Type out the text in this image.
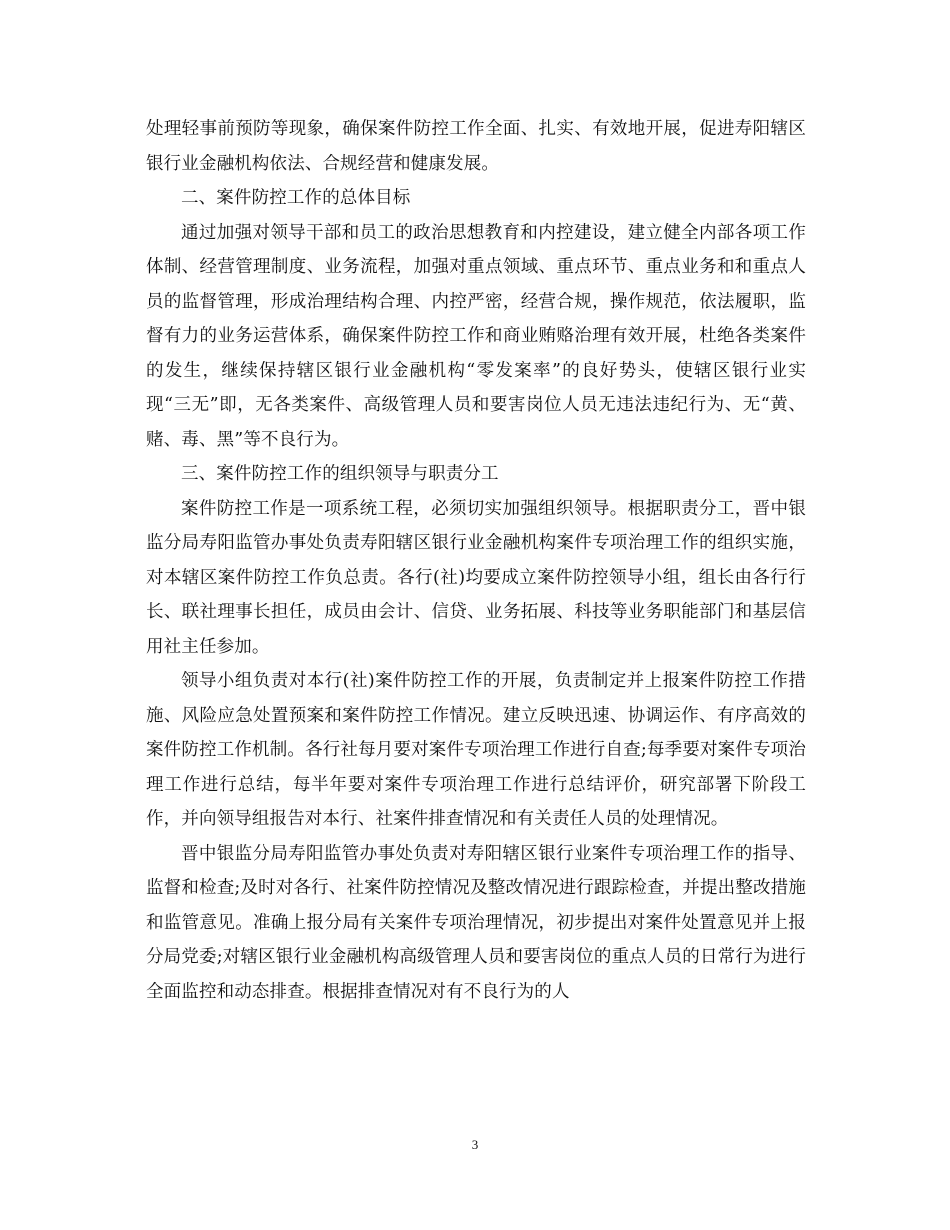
处理轻事前预防等现象，确保案件防控工作全面、扎实、有效地开展，促进寿阳辖区银行业金融机构依法、合规经营和健康发展。

二、案件防控工作的总体目标

通过加强对领导干部和员工的政治思想教育和内控建设，建立健全内部各项工作体制、经营管理制度、业务流程，加强对重点领域、重点环节、重点业务和和重点人员的监督管理，形成治理结构合理、内控严密，经营合规，操作规范，依法履职，监督有力的业务运营体系，确保案件防控工作和商业贿赂治理有效开展，杜绝各类案件的发生，继续保持辖区银行业金融机构“零发案率”的良好势头，使辖区银行业实现“三无”即，无各类案件、高级管理人员和要害岗位人员无违法违纪行为、无“黄、赌、毒、黑”等不良行为。

三、案件防控工作的组织领导与职责分工

案件防控工作是一项系统工程，必须切实加强组织领导。根据职责分工，晋中银监分局寿阳监管办事处负责寿阳辖区银行业金融机构案件专项治理工作的组织实施，对本辖区案件防控工作负总责。各行(社)均要成立案件防控领导小组，组长由各行行长、联社理事长担任，成员由会计、信贷、业务拓展、科技等业务职能部门和基层信用社主任参加。

领导小组负责对本行(社)案件防控工作的开展，负责制定并上报案件防控工作措施、风险应急处置预案和案件防控工作情况。建立反映迅速、协调运作、有序高效的案件防控工作机制。各行社每月要对案件专项治理工作进行自查;每季要对案件专项治理工作进行总结，每半年要对案件专项治理工作进行总结评价，研究部署下阶段工作，并向领导组报告对本行、社案件排查情况和有关责任人员的处理情况。

晋中银监分局寿阳监管办事处负责对寿阳辖区银行业案件专项治理工作的指导、监督和检查;及时对各行、社案件防控情况及整改情况进行跟踪检查，并提出整改措施和监管意见。准确上报分局有关案件专项治理情况，初步提出对案件处置意见并上报分局党委;对辖区银行业金融机构高级管理人员和要害岗位的重点人员的日常行为进行全面监控和动态排查。根据排查情况对有不良行为的人

3
